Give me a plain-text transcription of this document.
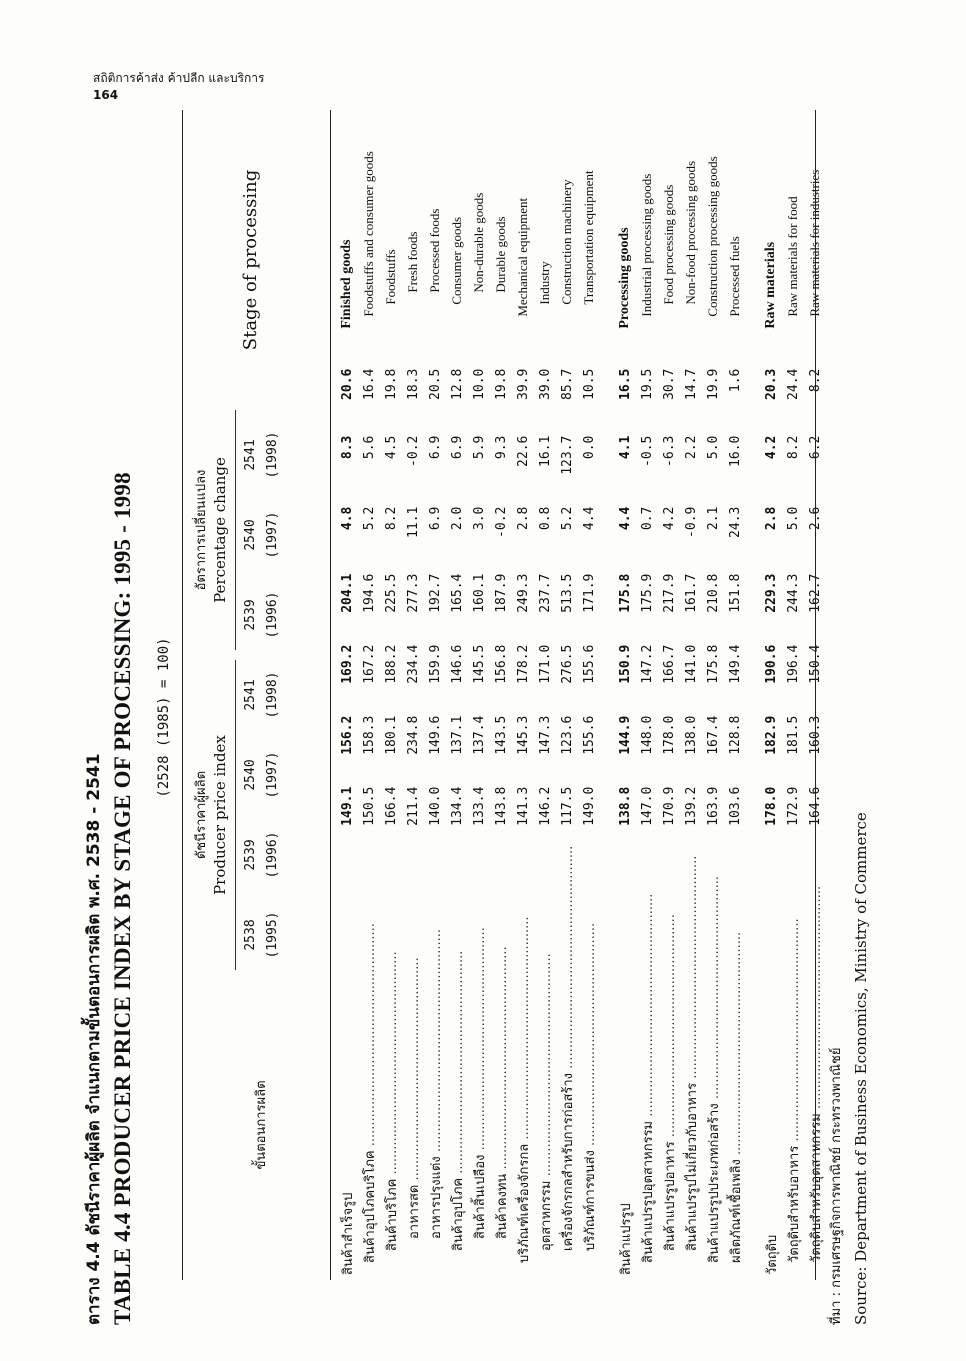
สถิติการค้าส่ง ค้าปลีก และบริการ
164
ตาราง 4.4 ดัชนีราคาผู้ผลิต จำแนกตามขั้นตอนการผลิต พ.ศ. 2538 - 2541 TABLE 4.4 PRODUCER PRICE INDEX BY STAGE OF PROCESSING: 1995 - 1998 (2528 (1985) = 100)
ขั้นตอนการผลิต
ดัชนีราคาผู้ผลิต Producer price index
อัตราการเปลี่ยนแปลง Percentage change
Stage of processing
2538 (1995)
2539 (1996)
2540 (1997)
2541 (1998)
2539 (1996)
2540 (1997)
2541 (1998)
สินค้าสำเร็จรูป	149.1	156.2	169.2	204.1	4.8	8.3	20.6	Finished goods
สินค้าอุปโภคบริโภค .....	150.5	158.3	167.2	194.6	5.2	5.6	16.4	Foodstuffs and consumer goods
สินค้าบริโภค .....	166.4	180.1	188.2	225.5	8.2	4.5	19.8	Foodstuffs
อาหารสด .....	211.4	234.8	234.4	277.3	11.1	-0.2	18.3	Fresh foods
อาหารปรุงแต่ง .....	140.0	149.6	159.9	192.7	6.9	6.9	20.5	Processed foods
สินค้าอุปโภค .....	134.4	137.1	146.6	165.4	2.0	6.9	12.8	Consumer goods
สินค้าสิ้นเปลือง .....	133.4	137.4	145.5	160.1	3.0	5.9	10.0	Non-durable goods
สินค้าคงทน .....	143.8	143.5	156.8	187.9	-0.2	9.3	19.8	Durable goods
บริภัณฑ์เครื่องจักรกล .....	141.3	145.3	178.2	249.3	2.8	22.6	39.9	Mechanical equipment
อุตสาหกรรม .....	146.2	147.3	171.0	237.7	0.8	16.1	39.0	Industry
เครื่องจักรกลสำหรับการก่อสร้าง .....	117.5	123.6	276.5	513.5	5.2	123.7	85.7	Construction machinery
บริภัณฑ์การขนส่ง .....	149.0	155.6	155.6	171.9	4.4	0.0	10.5	Transportation equipment

สินค้าแปรรูป	138.8	144.9	150.9	175.8	4.4	4.1	16.5	Processing goods
สินค้าแปรรูปอุตสาหกรรม .....	147.0	148.0	147.2	175.9	0.7	-0.5	19.5	Industrial processing goods
สินค้าแปรรูปอาหาร .....	170.9	178.0	166.7	217.9	4.2	-6.3	30.7	Food processing goods
สินค้าแปรรูปไม่เกี่ยวกับอาหาร .....	139.2	138.0	141.0	161.7	-0.9	2.2	14.7	Non-food processing goods
สินค้าแปรรูปประเภทก่อสร้าง .....	163.9	167.4	175.8	210.8	2.1	5.0	19.9	Construction processing goods
ผลิตภัณฑ์เชื้อเพลิง .....	103.6	128.8	149.4	151.8	24.3	16.0	1.6	Processed fuels

วัตถุดิบ	178.0	182.9	190.6	229.3	2.8	4.2	20.3	Raw materials
วัตถุดิบสำหรับอาหาร .....	172.9	181.5	196.4	244.3	5.0	8.2	24.4	Raw materials for food
วัตถุดิบสำหรับอุตสาหกรรม .....	164.6	160.3	150.4	162.7	-2.6	-6.2	8.2	Raw materials for industries
ที่มา : กรมเศรษฐกิจการพาณิชย์ กระทรวงพาณิชย์ Source: Department of Business Economics, Ministry of Commerce
